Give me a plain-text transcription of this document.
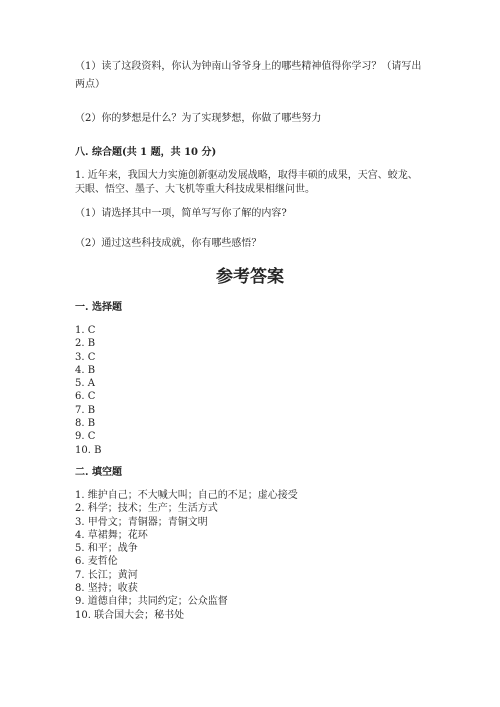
（1）读了这段资料，你认为钟南山爷爷身上的哪些精神值得你学习？（请写出
两点）
（2）你的梦想是什么？为了实现梦想，你做了哪些努力
八. 综合题(共 1 题，共 10 分)
1. 近年来，我国大力实施创新驱动发展战略，取得丰硕的成果，天宫、蛟龙、
天眼、悟空、墨子、大飞机等重大科技成果相继问世。
（1）请选择其中一项，简单写写你了解的内容?
（2）通过这些科技成就，你有哪些感悟？
参考答案
一. 选择题
1. C
2. B
3. C
4. B
5. A
6. C
7. B
8. B
9. C
10. B
二. 填空题
1. 维护自己；不大喊大叫；自己的不足；虚心接受
2. 科学；技术；生产；生活方式
3. 甲骨文；青铜器；青铜文明
4. 草裙舞；花环
5. 和平；战争
6. 麦哲伦
7. 长江；黄河
8. 坚持；收获
9. 道德自律；共同约定；公众监督
10. 联合国大会；秘书处
